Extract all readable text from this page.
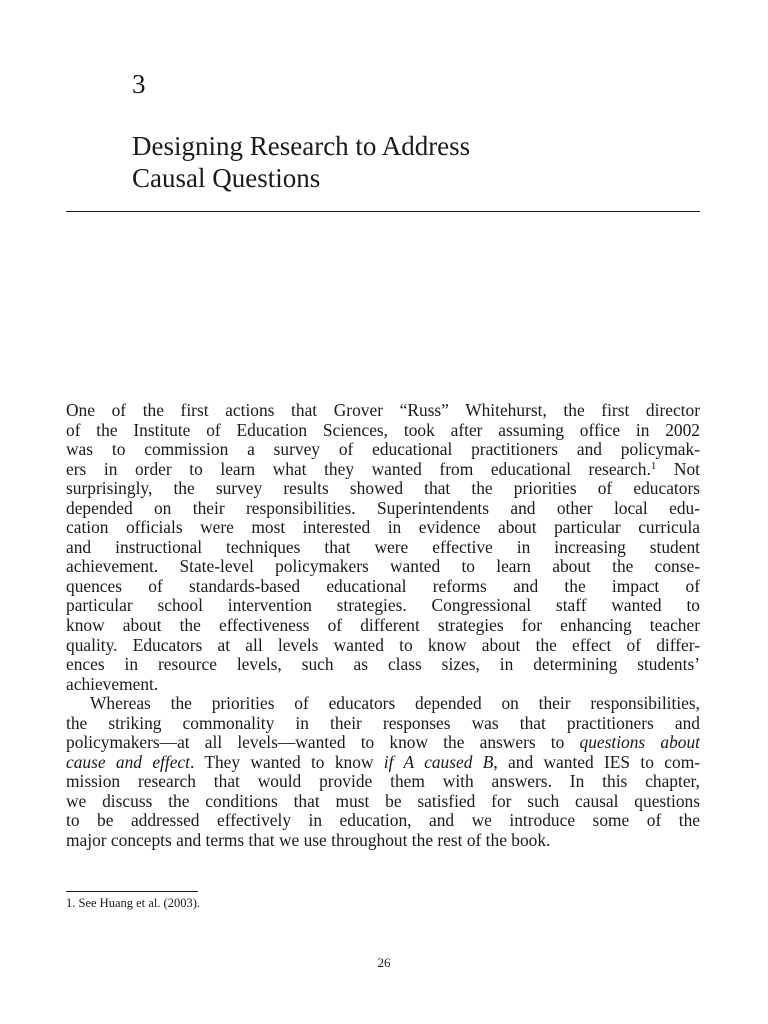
3
Designing Research to Address
Causal Questions
One of the first actions that Grover “Russ” Whitehurst, the first director
of the Institute of Education Sciences, took after assuming office in 2002
was to commission a survey of educational practitioners and policymak-
ers in order to learn what they wanted from educational research.$^1$ Not
surprisingly, the survey results showed that the priorities of educators
depended on their responsibilities. Superintendents and other local edu-
cation officials were most interested in evidence about particular curricula
and instructional techniques that were effective in increasing student
achievement. State-level policymakers wanted to learn about the conse-
quences of standards-based educational reforms and the impact of
particular school intervention strategies. Congressional staff wanted to
know about the effectiveness of different strategies for enhancing teacher
quality. Educators at all levels wanted to know about the effect of differ-
ences in resource levels, such as class sizes, in determining students’
achievement.
Whereas the priorities of educators depended on their responsibilities,
the striking commonality in their responses was that practitioners and
policymakers—at all levels—wanted to know the answers to questions about
cause and effect. They wanted to know if A caused B, and wanted IES to com-
mission research that would provide them with answers. In this chapter,
we discuss the conditions that must be satisfied for such causal questions
to be addressed effectively in education, and we introduce some of the
major concepts and terms that we use throughout the rest of the book.
1. See Huang et al. (2003).
26
